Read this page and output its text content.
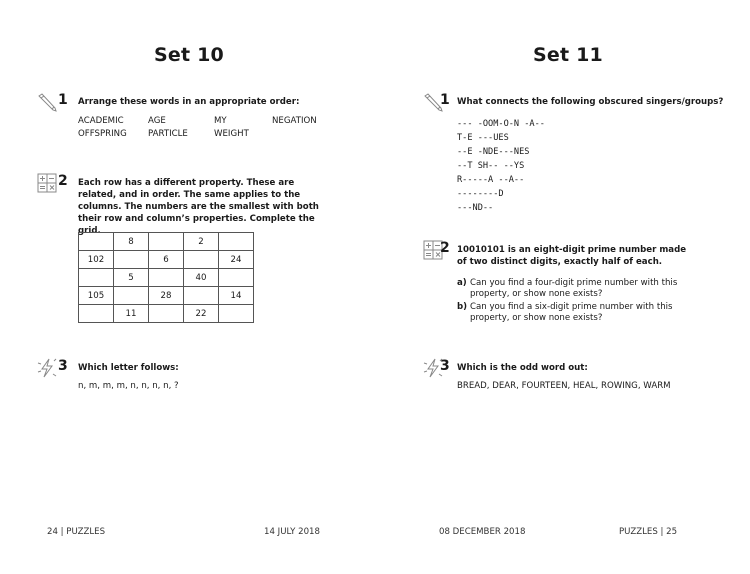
Set 10
1 Arrange these words in an appropriate order:
ACADEMIC	AGE	MY	NEGATION
OFFSPRING PARTICLE	WEIGHT
2 Each row has a different property. These are related, and in order. The same applies to the columns. The numbers are the smallest with both their row and column’s properties. Complete the grid.
	8		2	
102		6		24
	5		40	
105		28		14
	11		22	
3 Which letter follows:
n, m, m, m, n, n, n, n, ?
24 | PUZZLES	14 JULY 2018
Set 11
1 What connects the following obscured singers/groups?
--- -OOM-O-N -A--
T-E ---UES
--E -NDE---NES
--T SH-- --YS
R-----A --A--
--------D
---ND--
2 10010101 is an eight-digit prime number made of two distinct digits, exactly half of each.
a) Can you find a four-digit prime number with this property, or show none exists?
b) Can you find a six-digit prime number with this property, or show none exists?
3 Which is the odd word out:
BREAD, DEAR, FOURTEEN, HEAL, ROWING, WARM
08 DECEMBER 2018	PUZZLES | 25
